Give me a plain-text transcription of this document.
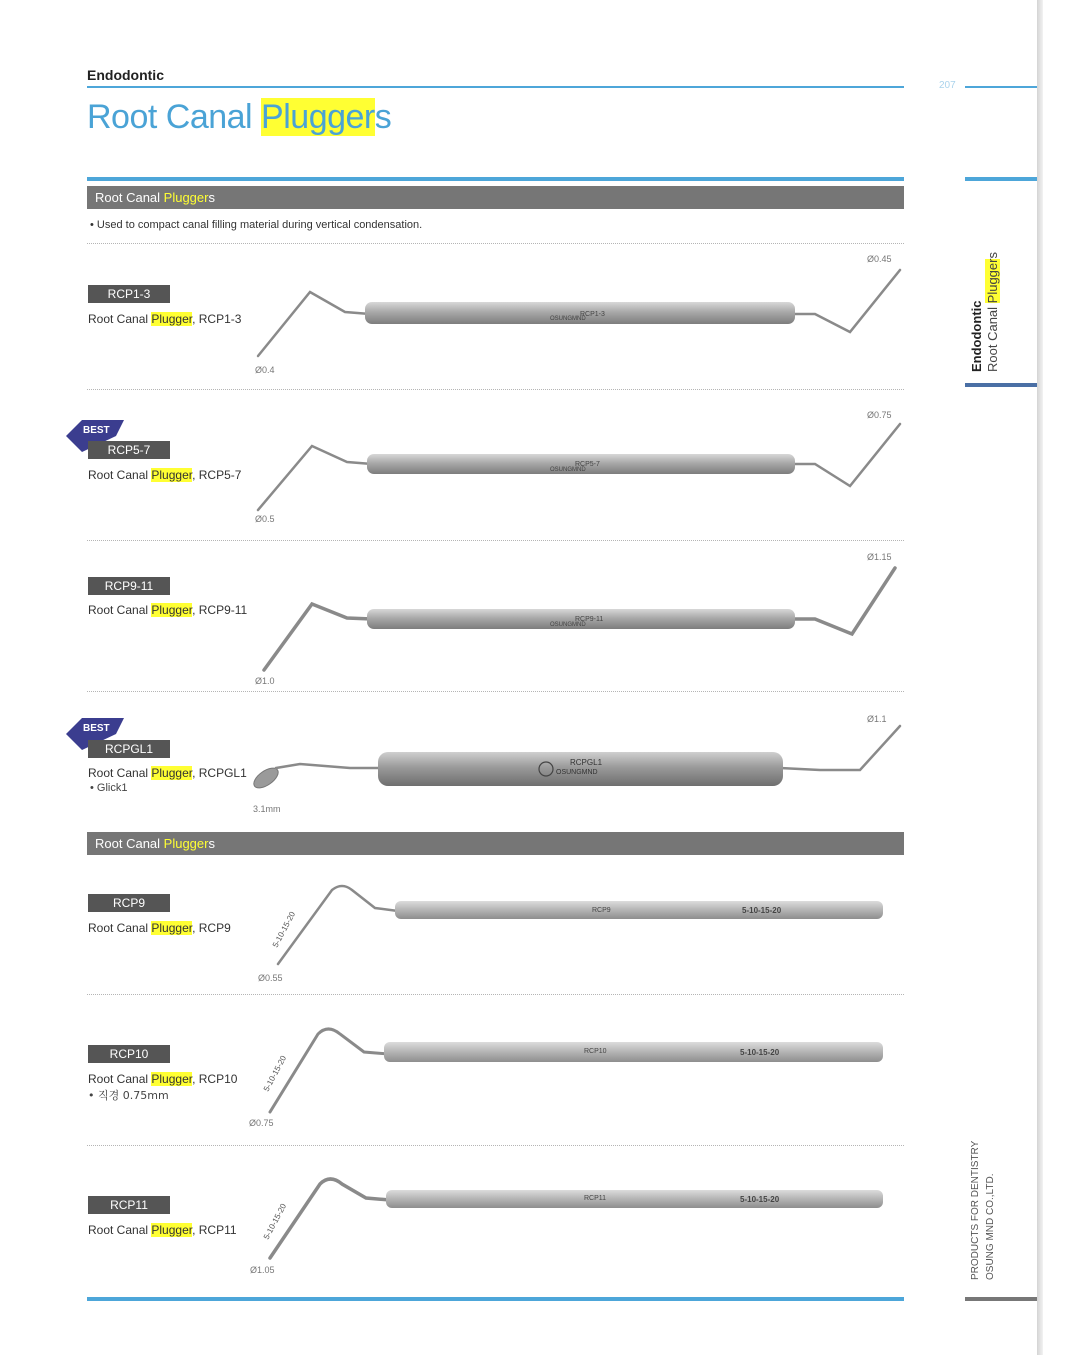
Endodontic
207
Root Canal Pluggers
Root Canal Pluggers
• Used to compact canal filling material during vertical condensation.
RCP1-3
Root Canal Plugger, RCP1-3
Ø0.4
Ø0.45
RCP1-3
OSUNGMND
BEST
RCP5-7
Root Canal Plugger, RCP5-7
Ø0.5
Ø0.75
RCP5-7
OSUNGMND
RCP9-11
Root Canal Plugger, RCP9-11
Ø1.0
Ø1.15
RCP9-11
OSUNGMND
BEST
RCPGL1
Root Canal Plugger, RCPGL1
• Glick1
3.1mm
Ø1.1
RCPGL1
OSUNGMND
Root Canal Pluggers
RCP9
Root Canal Plugger, RCP9
Ø0.55
5-10-15-20	RCP9	5-10-15-20
RCP10
Root Canal Plugger, RCP10
• 직경 0.75mm
Ø0.75
5-10-15-20
RCP10	5-10-15-20
RCP11
Root Canal Plugger, RCP11
Ø1.05
5-10-15-20
RCP11	5-10-15-20
Endodontic Root Canal Pluggers
PRODUCTS FOR DENTISTRY OSUNG MND CO.,LTD.
